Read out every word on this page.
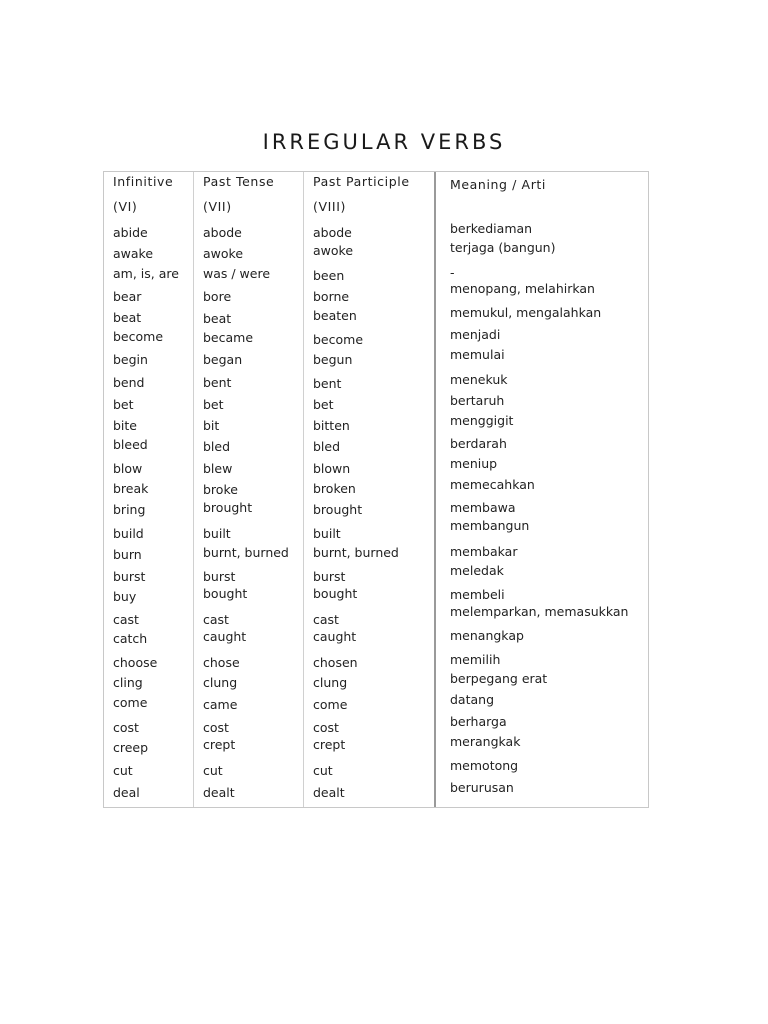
IRREGULAR VERBS
Infinitive
(VI)
abide
awake
am, is, are
bear
beat
become
begin
bend
bet
bite
bleed
blow
break
bring
build
burn
burst
buy
cast
catch
choose
cling
come
cost
creep
cut
deal
Past Tense
(VII)
abode
awoke
was / were
bore
beat
became
began
bent
bet
bit
bled
blew
broke
brought
built
burnt, burned
burst
bought
cast
caught
chose
clung
came
cost
crept
cut
dealt
Past Participle
(VIII)
abode
awoke
been
borne
beaten
become
begun
bent
bet
bitten
bled
blown
broken
brought
built
burnt, burned
burst
bought
cast
caught
chosen
clung
come
cost
crept
cut
dealt
Meaning / Arti
berkediaman
terjaga (bangun)
-
menopang, melahirkan
memukul, mengalahkan
menjadi
memulai
menekuk
bertaruh
menggigit
berdarah
meniup
memecahkan
membawa
membangun
membakar
meledak
membeli
melemparkan, memasukkan
menangkap
memilih
berpegang erat
datang
berharga
merangkak
memotong
berurusan
